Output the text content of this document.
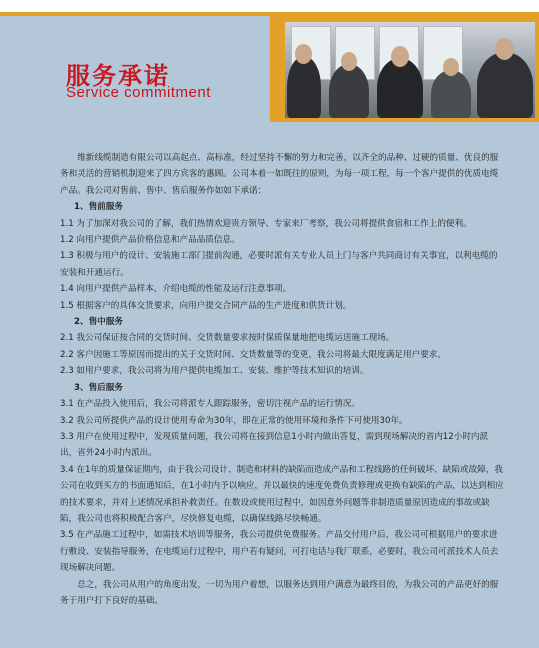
服务承诺
Service commitment

维新线缆制造有限公司以高起点、高标准，经过坚持不懈的努力和完善，以齐全的品种、过硬的质量、优良的服务和灵活的营销机制迎来了四方宾客的惠顾。公司本着一如既往的原则，为每一项工程，每一个客户提供的优质电缆产品。我公司对售前、售中、售后服务作如如下承诺：

1、售前服务

1.1 为了加深对我公司的了解，我们热情欢迎贵方领导、专家来厂考察，我公司将提供食宿和工作上的便利。

1.2 向用户提供产品价格信息和产品品质信息。

1.3 积极与用户的设计、安装施工部门提前沟通，必要时派有关专业人员上门与客户共同商讨有关事宜，以利电缆的安装和开通运行。

1.4 向用户提供产品样本，介绍电缆的性能及运行注意事项。

1.5 根据客户的具体交货要求，向用户提交合同产品的生产进度和供货计划。

2、售中服务

2.1 我公司保证按合同的交货时间、交货数量要求按时保质保量地把电缆运送施工现场。

2.2 客户因施工等原因而提出的关于交货时间、交货数量等的变更，我公司将最大限度满足用户要求。

2.3 如用户要求，我公司将为用户提供电缆加工、安装、维护等技术知识的培训。

3、售后服务

3.1 在产品投入使用后，我公司将派专人跟踪服务，密切注视产品的运行情况。

3.2 我公司所提供产品的设计使用寿命为30年，即在正常的使用环境和条件下可使用30年。

3.3 用户在使用过程中，发现质量问题，我公司将在接到信息1小时内做出答复，需到现场解决的省内12小时内派出，省外24小时内派出。

3.4 在1年的质量保证期内，由于我公司设计、制造和材料的缺陷而造成产品和工程线路的任何破坏、缺陷或故障，我公司在收到买方的书面通知后，在1小时内予以响应，并以最快的速度免费负责修理或更换有缺陷的产品，以达到相应的技术要求，并对上述情况承担补救责任。在数设或使用过程中，如因意外问题等非制造质量原因造成的事故或缺陷，我公司也将积极配合客户，尽快修复电缆，以确保线路尽快畅通。

3.5 在产品施工过程中，如需技术培训等服务，我公司提供免费服务。产品交付用户后，我公司可根据用户的要求进行敷设、安装指导服务，在电缆运行过程中，用户若有疑问，可打电话与我厂联系，必要时，我公司可派技术人员去现场解决问题。

总之，我公司从用户的角度出发，一切为用户着想，以服务达到用户满意为最终目的，为我公司的产品更好的服务于用户打下良好的基础。
